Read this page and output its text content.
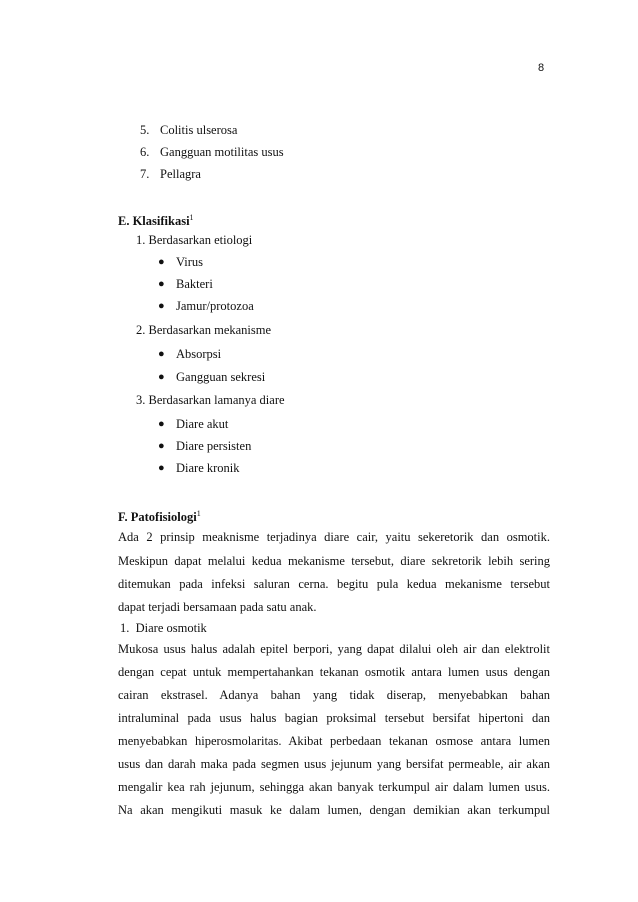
8
5. Colitis ulserosa
6. Gangguan motilitas usus
7. Pellagra
E. Klasifikasi$^1$
1. Berdasarkan etiologi
● Virus
● Bakteri
● Jamur/protozoa
2. Berdasarkan mekanisme
● Absorpsi
● Gangguan sekresi
3. Berdasarkan lamanya diare
● Diare akut
● Diare persisten
● Diare kronik
F. Patofisiologi$^1$
Ada 2 prinsip meaknisme terjadinya diare cair, yaitu sekeretorik dan osmotik.
Meskipun dapat melalui kedua mekanisme tersebut, diare sekretorik lebih sering
ditemukan pada infeksi saluran cerna. begitu pula kedua mekanisme tersebut
dapat terjadi bersamaan pada satu anak.
1.  Diare osmotik
Mukosa usus halus adalah epitel berpori, yang dapat dilalui oleh air dan elektrolit
dengan cepat untuk mempertahankan tekanan osmotik antara lumen usus dengan
cairan ekstrasel. Adanya bahan yang tidak diserap, menyebabkan bahan
intraluminal pada usus halus bagian proksimal tersebut bersifat hipertoni dan
menyebabkan hiperosmolaritas. Akibat perbedaan tekanan osmose antara lumen
usus dan darah maka pada segmen usus jejunum yang bersifat permeable, air akan
mengalir kea rah jejunum, sehingga akan banyak terkumpul air dalam lumen usus.
Na akan mengikuti masuk ke dalam lumen, dengan demikian akan terkumpul
